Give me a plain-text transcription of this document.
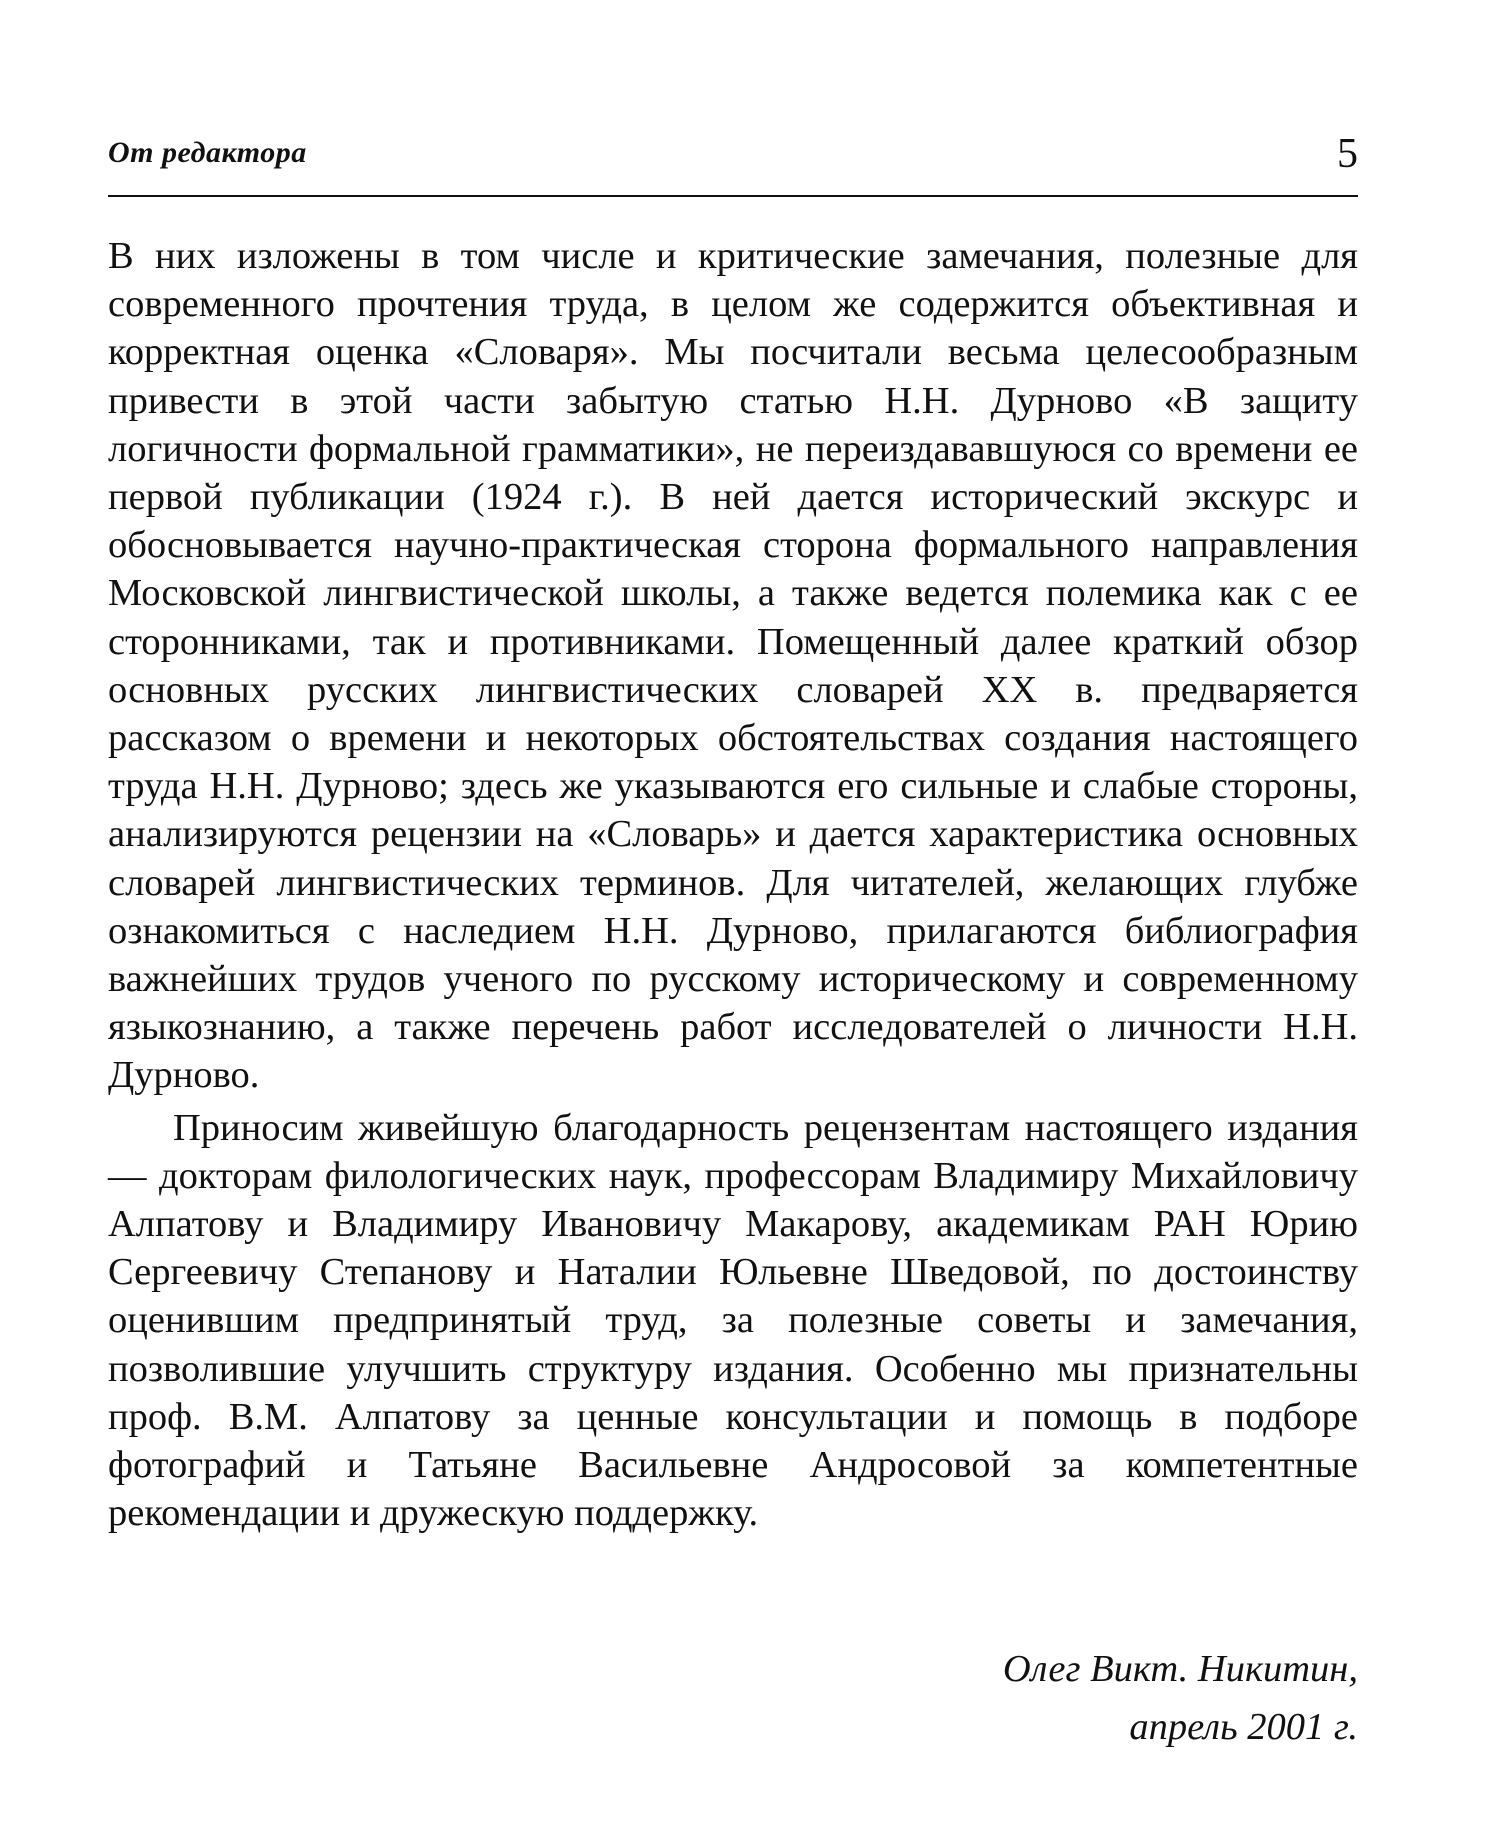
От редактора	5

В них изложены в том числе и критические замечания, полезные для современного прочтения труда, в целом же содержится объективная и корректная оценка «Словаря». Мы посчитали весьма целесообразным привести в этой части забытую статью Н.Н. Дурново «В защиту логичности формальной грамматики», не переиздававшуюся со времени ее первой публикации (1924 г.). В ней дается исторический экскурс и обосновывается научно-практическая сторона формального направления Московской лингвистической школы, а также ведется полемика как с ее сторонниками, так и противниками. Помещенный далее краткий обзор основных русских лингвистических словарей XX в. предваряется рассказом о времени и некоторых обстоятельствах создания настоящего труда Н.Н. Дурново; здесь же указываются его сильные и слабые стороны, анализируются рецензии на «Словарь» и дается характеристика основных словарей лингвистических терминов. Для читателей, желающих глубже ознакомиться с наследием Н.Н. Дурново, прилагаются библиография важнейших трудов ученого по русскому историческому и современному языкознанию, а также перечень работ исследователей о личности Н.Н. Дурново.

Приносим живейшую благодарность рецензентам настоящего издания — докторам филологических наук, профессорам Владимиру Михайловичу Алпатову и Владимиру Ивановичу Макарову, академикам РАН Юрию Сергеевичу Степанову и Наталии Юльевне Шведовой, по достоинству оценившим предпринятый труд, за полезные советы и замечания, позволившие улучшить структуру издания. Особенно мы признательны проф. В.М. Алпатову за ценные консультации и помощь в подборе фотографий и Татьяне Васильевне Андросовой за компетентные рекомендации и дружескую поддержку.

Олег Викт. Никитин,
апрель 2001 г.
